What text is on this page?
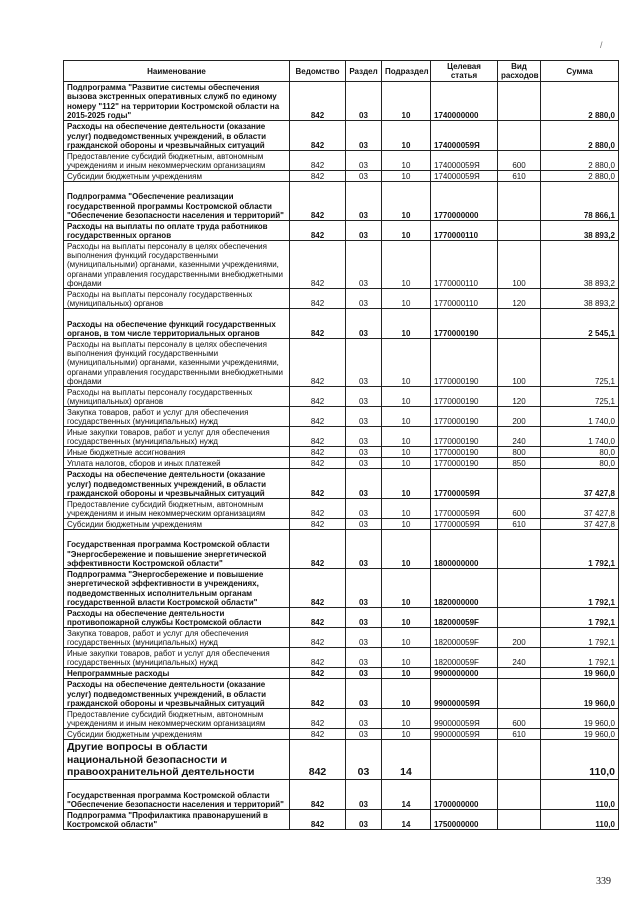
/
Наименование	Ведомство	Раздел	Подраздел	Целевая статья	Вид расходов	Сумма
Подпрограмма "Развитие системы обеспечения вызова экстренных оперативных служб по единому номеру "112" на территории Костромской области на 2015-2025 годы"	842	03	10	1740000000		2 880,0
Расходы на обеспечение деятельности (оказание услуг) подведомственных учреждений, в области гражданской обороны и чрезвычайных ситуаций	842	03	10	174000059Я		2 880,0
Предоставление субсидий бюджетным, автономным учреждениям и иным некоммерческим организациям	842	03	10	174000059Я	600	2 880,0
Субсидии бюджетным учреждениям	842	03	10	174000059Я	610	2 880,0
Подпрограмма "Обеспечение реализации государственной программы Костромской области "Обеспечение безопасности населения и территорий"	842	03	10	1770000000		78 866,1
Расходы на выплаты по оплате труда работников государственных органов	842	03	10	1770000110		38 893,2
Расходы на выплаты персоналу в целях обеспечения выполнения функций государственными (муниципальными) органами, казенными учреждениями, органами управления государственными внебюджетными фондами	842	03	10	1770000110	100	38 893,2
Расходы на выплаты персоналу государственных (муниципальных) органов	842	03	10	1770000110	120	38 893,2
Расходы на обеспечение функций государственных органов, в том числе территориальных органов	842	03	10	1770000190		2 545,1
Расходы на выплаты персоналу в целях обеспечения выполнения функций государственными (муниципальными) органами, казенными учреждениями, органами управления государственными внебюджетными фондами	842	03	10	1770000190	100	725,1
Расходы на выплаты персоналу государственных (муниципальных) органов	842	03	10	1770000190	120	725,1
Закупка товаров, работ и услуг для обеспечения государственных (муниципальных) нужд	842	03	10	1770000190	200	1 740,0
Иные закупки товаров, работ и услуг для обеспечения государственных (муниципальных) нужд	842	03	10	1770000190	240	1 740,0
Иные бюджетные ассигнования	842	03	10	1770000190	800	80,0
Уплата налогов, сборов и иных платежей	842	03	10	1770000190	850	80,0
Расходы на обеспечение деятельности (оказание услуг) подведомственных учреждений, в области гражданской обороны и чрезвычайных ситуаций	842	03	10	177000059Я		37 427,8
Предоставление субсидий бюджетным, автономным учреждениям и иным некоммерческим организациям	842	03	10	177000059Я	600	37 427,8
Субсидии бюджетным учреждениям	842	03	10	177000059Я	610	37 427,8
Государственная программа Костромской области "Энергосбережение и повышение энергетической эффективности Костромской области"	842	03	10	1800000000		1 792,1
Подпрограмма "Энергосбережение и повышение энергетической эффективности в учреждениях, подведомственных исполнительным органам государственной власти Костромской области"	842	03	10	1820000000		1 792,1
Расходы на обеспечение деятельности противопожарной службы Костромской области	842	03	10	182000059F		1 792,1
Закупка товаров, работ и услуг для обеспечения государственных (муниципальных) нужд	842	03	10	182000059F	200	1 792,1
Иные закупки товаров, работ и услуг для обеспечения государственных (муниципальных) нужд	842	03	10	182000059F	240	1 792,1
Непрограммные расходы	842	03	10	9900000000		19 960,0
Расходы на обеспечение деятельности (оказание услуг) подведомственных учреждений, в области гражданской обороны и чрезвычайных ситуаций	842	03	10	990000059Я		19 960,0
Предоставление субсидий бюджетным, автономным учреждениям и иным некоммерческим организациям	842	03	10	990000059Я	600	19 960,0
Субсидии бюджетным учреждениям	842	03	10	990000059Я	610	19 960,0
Другие вопросы в области национальной безопасности и правоохранительной деятельности	842	03	14			110,0
Государственная программа Костромской области "Обеспечение безопасности населения и территорий"	842	03	14	1700000000		110,0
Подпрограмма "Профилактика правонарушений в Костромской области"	842	03	14	1750000000		110,0
339
